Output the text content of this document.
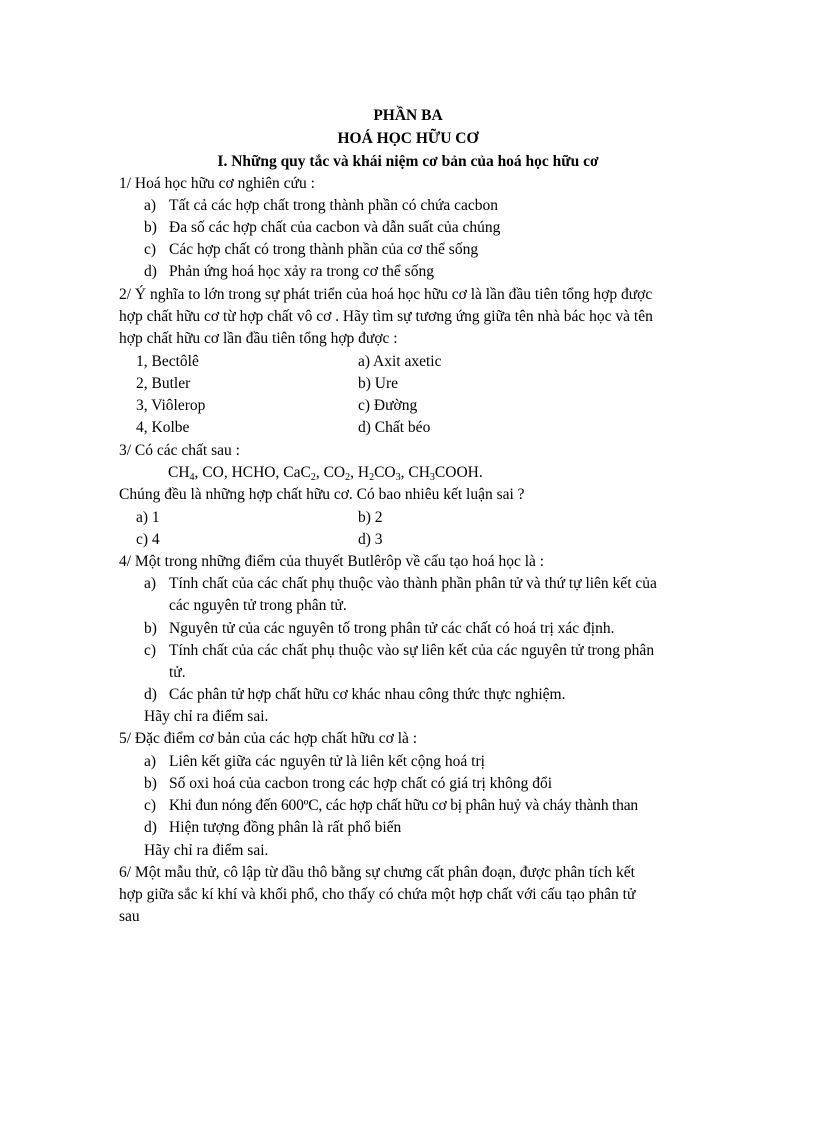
PHẦN BA
HOÁ HỌC HỮU CƠ
I. Những quy tắc và khái niệm cơ bản của hoá học hữu cơ
1/ Hoá học hữu cơ nghiên cứu :
a) Tất cả các hợp chất trong thành phần có chứa cacbon
b) Đa số các hợp chất của cacbon và dẫn suất của chúng
c) Các hợp chất có trong thành phần của cơ thể sống
d) Phản ứng hoá học xảy ra trong cơ thể sống
2/ Ý nghĩa to lớn trong sự phát triển của hoá học hữu cơ là lần đầu tiên tổng hợp được
hợp chất hữu cơ từ hợp chất vô cơ . Hãy tìm sự tương ứng giữa tên nhà bác học và tên
hợp chất hữu cơ lần đầu tiên tổng hợp được :
1, Bectôlê	a) Axit axetic
2, Butler	b) Ure
3, Viôlerop	c) Đường
4, Kolbe	d) Chất béo
3/ Có các chất sau :
$CH_4$, CO, HCHO, CaC$_2$, $CO_2$, $H_2CO_3$, $CH_3COOH$.
Chúng đều là những hợp chất hữu cơ. Có bao nhiêu kết luận sai ?
a) 1	b) 2
c) 4	d) 3
4/ Một trong những điểm của thuyết Butlêrôp về cấu tạo hoá học là :
a) Tính chất của các chất phụ thuộc vào thành phần phân tử và thứ tự liên kết của
các nguyên tử trong phân tử.
b) Nguyên tử của các nguyên tố trong phân tử các chất có hoá trị xác định.
c) Tính chất của các chất phụ thuộc vào sự liên kết của các nguyên tử trong phân
tử.
d) Các phân tử hợp chất hữu cơ khác nhau công thức thực nghiệm.
Hãy chỉ ra điểm sai.
5/ Đặc điểm cơ bản của các hợp chất hữu cơ là :
a) Liên kết giữa các nguyên tử là liên kết cộng hoá trị
b) Số oxi hoá của cacbon trong các hợp chất có giá trị không đổi
c) Khi đun nóng đến 600ºC, các hợp chất hữu cơ bị phân huỷ và cháy thành than
d) Hiện tượng đồng phân là rất phổ biến
Hãy chỉ ra điểm sai.
6/ Một mẫu thử, cô lập từ dầu thô bằng sự chưng cất phân đoạn, được phân tích kết
hợp giữa sắc kí khí và khối phổ, cho thấy có chứa một hợp chất với cấu tạo phân tử
sau
